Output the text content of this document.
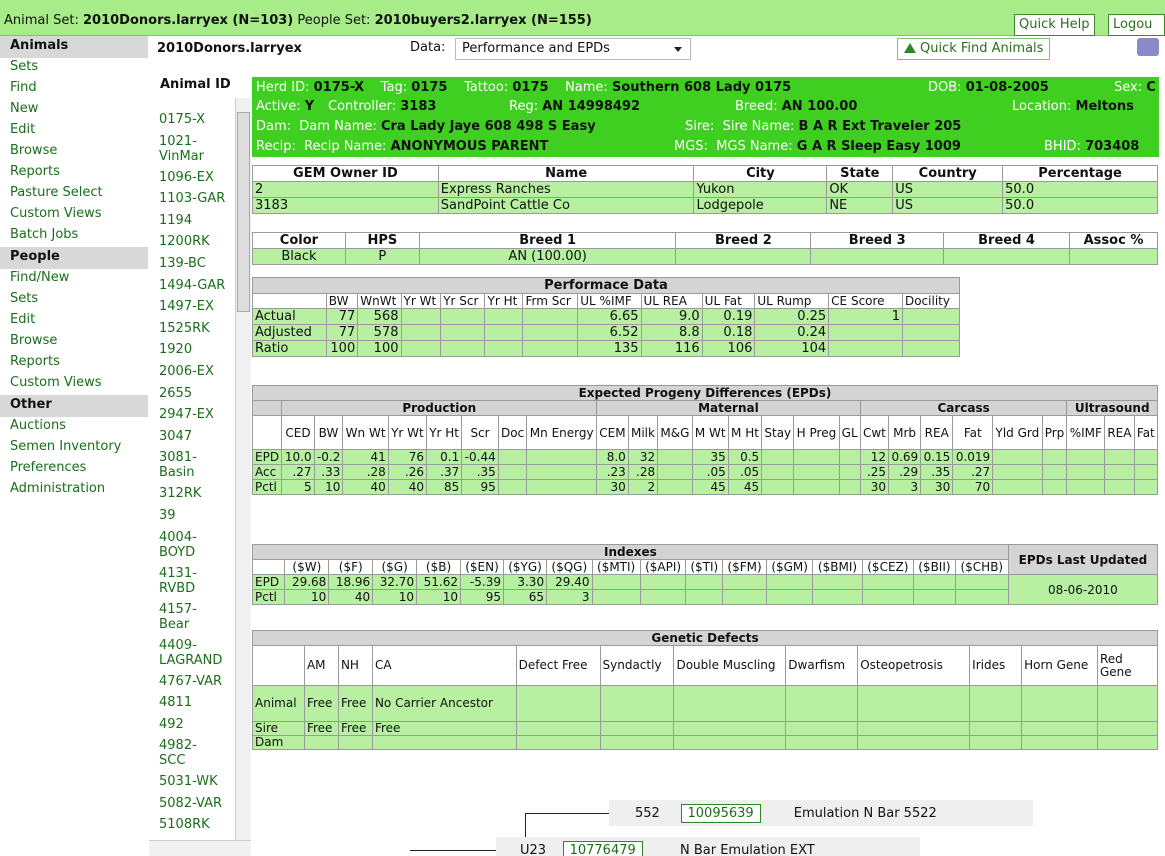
Animal Set: 2010Donors.larryex (N=103) People Set: 2010buyers2.larryex (N=155)	Quick Help	Logou
Animals
Sets
Find
New
Edit
Browse
Reports
Pasture Select
Custom Views
Batch Jobs
People
Find/New
Sets
Edit
Browse
Reports
Custom Views
Other
Auctions
Semen Inventory
Preferences
Administration
2010Donors.larryex	Data:	Performance and EPDs	Quick Find Animals
Animal ID
0175-X
1021-
VinMar
1096-EX
1103-GAR
1194
1200RK
139-BC
1494-GAR
1497-EX
1525RK
1920
2006-EX
2655
2947-EX
3047
3081-
Basin
312RK
39
4004-
BOYD
4131-
RVBD
4157-
Bear
4409-
LAGRAND
4767-VAR
4811
492
4982-
SCC
5031-WK
5082-VAR
5108RK
Herd ID: 0175-X Tag: 0175 Tattoo: 0175 Name: Southern 608 Lady 0175	DOB: 01-08-2005	Sex: C
Active: Y Controller: 3183	Reg: AN 14998492	Breed: AN 100.00	Location: Meltons
Dam: Dam Name: Cra Lady Jaye 608 498 S Easy	Sire: Sire Name: B A R Ext Traveler 205
Recip: Recip Name: ANONYMOUS PARENT	MGS: MGS Name: G A R Sleep Easy 1009	BHID: 703408
GEM Owner ID	Name	City	State	Country	Percentage
2	Express Ranches	Yukon	OK	US	50.0
3183	SandPoint Cattle Co	Lodgepole	NE	US	50.0
Color	HPS	Breed 1	Breed 2	Breed 3	Breed 4	Assoc %
Black	P	AN (100.00)				
Performace Data												
	BW	WnWt	Yr Wt	Yr Scr	Yr Ht	Frm Scr	UL %IMF	UL REA	UL Fat	UL Rump	CE Score	Docility
Actual	77	568					6.65	9.0	0.19	0.25	1	
Adjusted	77	578					6.52	8.8	0.18	0.24		
Ratio	100	100					135	116	106	104		
Expected Progeny Differences (EPDs)																									
	Production								Maternal								Carcass						Ultrasound		
	CED	BW	Wn Wt	Yr Wt	Yr Ht	Scr	Doc	Mn Energy	CEM	Milk	M&G	M Wt	M Ht	Stay	H Preg	GL	Cwt	Mrb	REA	Fat	Yld Grd	Prp	%IMF	REA	Fat
EPD	10.0	-0.2	41	76	0.1	-0.44			8.0	32		35	0.5				12	0.69	0.15	0.019					
Acc	.27	.33	.28	.26	.37	.35			.23	.28		.05	.05				.25	.29	.35	.27					
Pctl	5	10	40	40	85	95			30	2		45	45				30	3	30	70					
Indexes																	EPDs Last Updated
	($W)	($F)	($G)	($B)	($EN)	($YG)	($QG)	($MTI)	($API)	($TI)	($FM)	($GM)	($BMI)	($CEZ)	($BII)	($CHB)	
EPD	29.68	18.96	32.70	51.62	-5.39	3.30	29.40										08-06-2010
Pctl	10	40	10	10	95	65	3										
Genetic Defects											
	AM	NH	CA	Defect Free	Syndactly	Double Muscling	Dwarfism	Osteopetrosis	Irides	Horn Gene	Red Gene
Animal	Free	Free	No Carrier Ancestor								
Sire	Free	Free	Free								
Dam											
552 10095639	Emulation N Bar 5522
U23 10776479	N Bar Emulation EXT
